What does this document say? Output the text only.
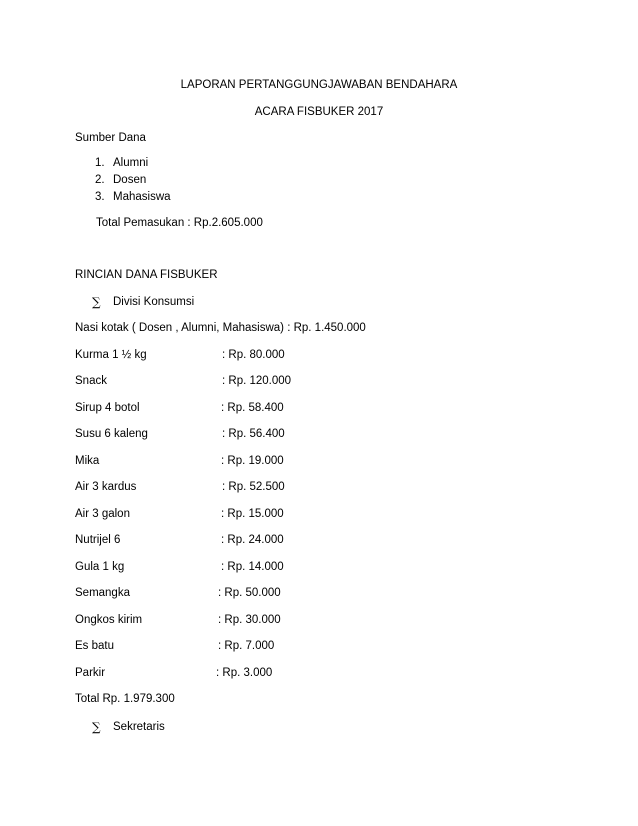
LAPORAN PERTANGGUNGJAWABAN BENDAHARA
ACARA FISBUKER 2017
Sumber Dana
1. Alumni
2. Dosen
3. Mahasiswa
Total Pemasukan : Rp.2.605.000
RINCIAN DANA FISBUKER
∑ Divisi Konsumsi
Nasi kotak ( Dosen , Alumni, Mahasiswa) : Rp. 1.450.000
Kurma 1 ½ kg	: Rp. 80.000
Snack	: Rp. 120.000
Sirup 4 botol	: Rp. 58.400
Susu 6 kaleng	: Rp. 56.400
Mika	: Rp. 19.000
Air 3 kardus	: Rp. 52.500
Air 3 galon	: Rp. 15.000
Nutrijel 6	: Rp. 24.000
Gula 1 kg	: Rp. 14.000
Semangka	: Rp. 50.000
Ongkos kirim	: Rp. 30.000
Es batu	: Rp. 7.000
Parkir	: Rp. 3.000
Total Rp. 1.979.300
∑ Sekretaris
